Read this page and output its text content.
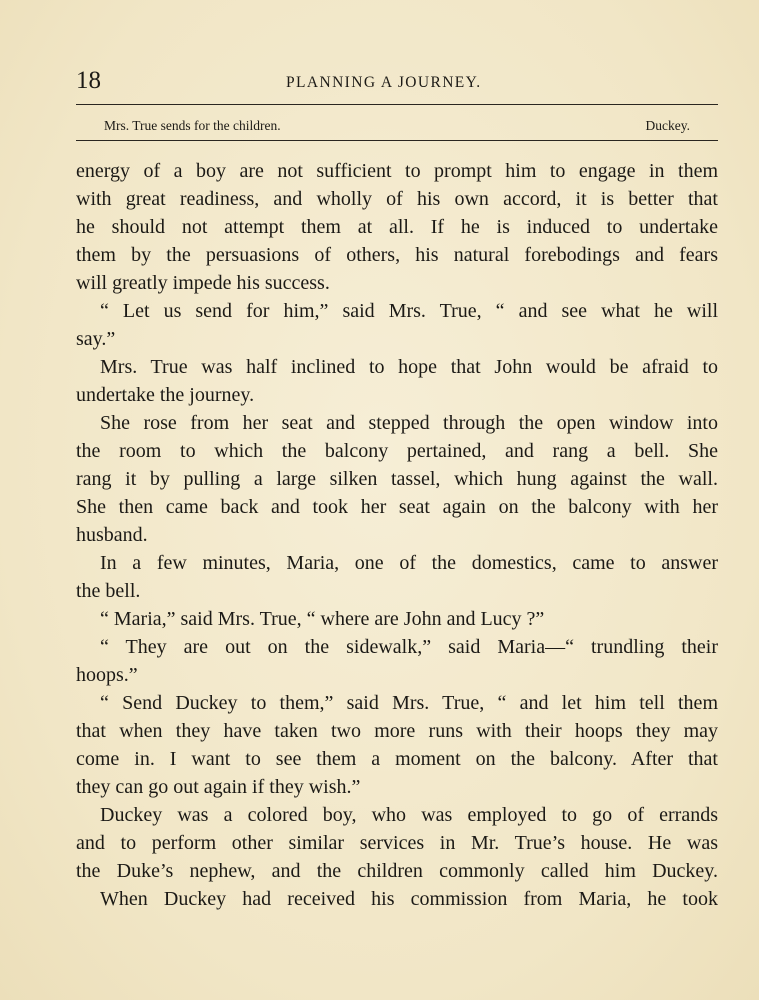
18	PLANNING A JOURNEY.
Mrs. True sends for the children.	Duckey.
energy of a boy are not sufficient to prompt him to engage in them
with great readiness, and wholly of his own accord, it is better that
he should not attempt them at all. If he is induced to undertake
them by the persuasions of others, his natural forebodings and fears
will greatly impede his success.
“ Let us send for him,” said Mrs. True, “ and see what he will
say.”
Mrs. True was half inclined to hope that John would be afraid to
undertake the journey.
She rose from her seat and stepped through the open window into
the room to which the balcony pertained, and rang a bell. She
rang it by pulling a large silken tassel, which hung against the wall.
She then came back and took her seat again on the balcony with her
husband.
In a few minutes, Maria, one of the domestics, came to answer
the bell.
“ Maria,” said Mrs. True, “ where are John and Lucy ?”
“ They are out on the sidewalk,” said Maria—“ trundling their
hoops.”
“ Send Duckey to them,” said Mrs. True, “ and let him tell them
that when they have taken two more runs with their hoops they may
come in. I want to see them a moment on the balcony. After that
they can go out again if they wish.”
Duckey was a colored boy, who was employed to go of errands
and to perform other similar services in Mr. True’s house. He was
the Duke’s nephew, and the children commonly called him Duckey.
When Duckey had received his commission from Maria, he took
